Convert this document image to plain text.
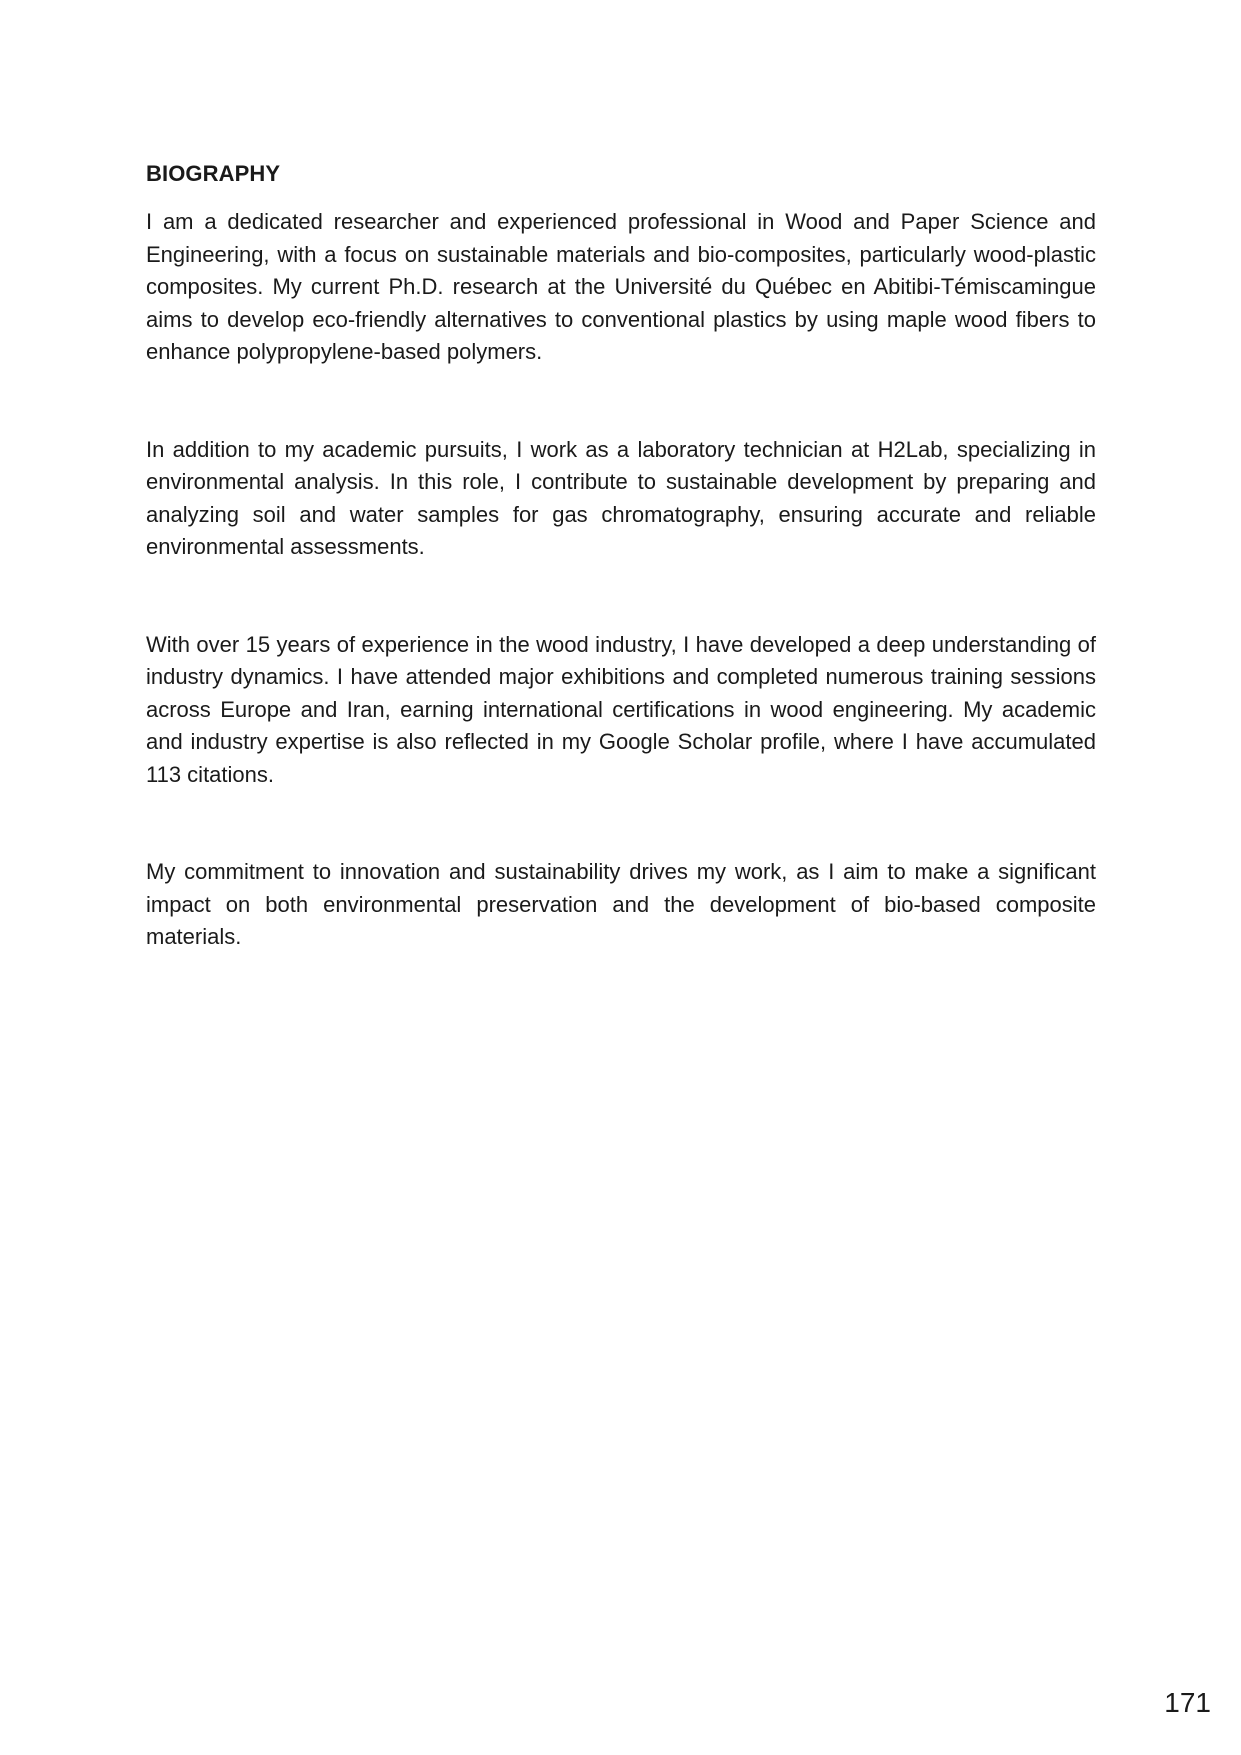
BIOGRAPHY

I am a dedicated researcher and experienced professional in Wood and Paper Science and Engineering, with a focus on sustainable materials and bio-composites, particularly wood-plastic composites. My current Ph.D. research at the Université du Québec en Abitibi-Témiscamingue aims to develop eco-friendly alternatives to conventional plastics by using maple wood fibers to enhance polypropylene-based polymers.

In addition to my academic pursuits, I work as a laboratory technician at H2Lab, specializing in environmental analysis. In this role, I contribute to sustainable development by preparing and analyzing soil and water samples for gas chromatography, ensuring accurate and reliable environmental assessments.

With over 15 years of experience in the wood industry, I have developed a deep understanding of industry dynamics. I have attended major exhibitions and completed numerous training sessions across Europe and Iran, earning international certifications in wood engineering. My academic and industry expertise is also reflected in my Google Scholar profile, where I have accumulated 113 citations.

My commitment to innovation and sustainability drives my work, as I aim to make a significant impact on both environmental preservation and the development of bio-based composite materials.

171
